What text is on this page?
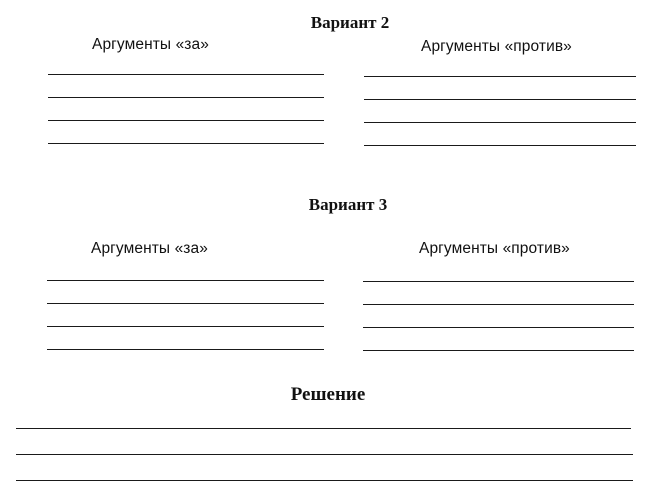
Вариант 2
Аргументы «за»	Аргументы «против»
Вариант 3
Аргументы «за»	Аргументы «против»
Решение
